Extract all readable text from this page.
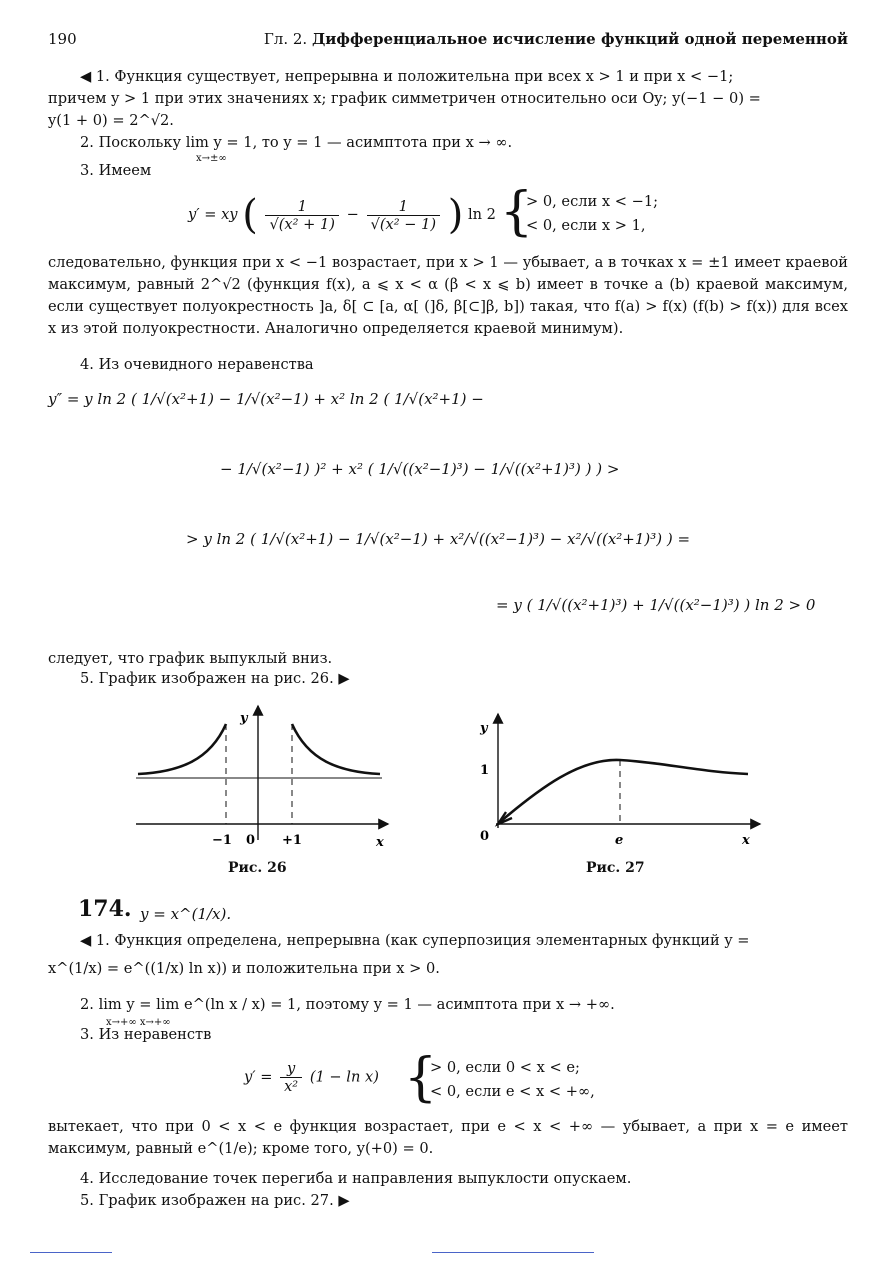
190	Гл. 2. Дифференциальное исчисление функций одной переменной
◀ 1. Функция существует, непрерывна и положительна при всех x > 1 и при x < −1;
причем y > 1 при этих значениях x; график симметричен относительно оси Oy; y(−1 − 0) =
y(1 + 0) = 2^√2.
2. Поскольку lim y = 1, то y = 1 — асимптота при x → ∞.
x→±∞
3. Имеем
y′ = xy ( $\frac{1}{\text{√(x² + 1)}} - \frac{1}{\text{√(x² − 1)}}$ ) ln 2 {
> 0, если x < −1;
< 0, если x > 1,
следовательно, функция при x < −1 возрастает, при x > 1 — убывает, а в точках x = ±1 имеет краевой максимум, равный 2^√2 (функция f(x), a ⩽ x < α (β < x ⩽ b) имеет в точке a (b) краевой максимум, если существует полуокрестность ]a, δ[ ⊂ [a, α[ (]δ, β[⊂]β, b]) такая, что f(a) > f(x) (f(b) > f(x)) для всех x из этой полуокрестности. Аналогично определяется краевой минимум).
4. Из очевидного неравенства
y″ = y ln 2 ( 1/√(x²+1) − 1/√(x²−1) + x² ln 2 ( 1/√(x²+1) −
− 1/√(x²−1) )² + x² ( 1/√((x²−1)³) − 1/√((x²+1)³) ) ) >
> y ln 2 ( 1/√(x²+1) − 1/√(x²−1) + x²/√((x²−1)³) − x²/√((x²+1)³) ) =
= y ( 1/√((x²+1)³) + 1/√((x²−1)³) ) ln 2 > 0
следует, что график выпуклый вниз.
5. График изображен на рис. 26. ▶
y
x
−1 0 +1
Рис. 26
y
1
0	e	x
Рис. 27
174. y = x^(1/x).
◀ 1. Функция определена, непрерывна (как суперпозиция элементарных функций y =
x^(1/x) = e^((1/x) ln x)) и положительна при x > 0.
2. lim y = lim e^(ln x / x) = 1, поэтому y = 1 — асимптота при x → +∞.
x→+∞ x→+∞
3. Из неравенств
$y' = \frac{y}{\text{x²}} (1 - \ln x)$ {
> 0, если 0 < x < e;
< 0, если e < x < +∞,
вытекает, что при 0 < x < e функция возрастает, при e < x < +∞ — убывает, а при x = e имеет максимум, равный e^(1/e); кроме того, y(+0) = 0.
4. Исследование точек перегиба и направления выпуклости опускаем.
5. График изображен на рис. 27. ▶
